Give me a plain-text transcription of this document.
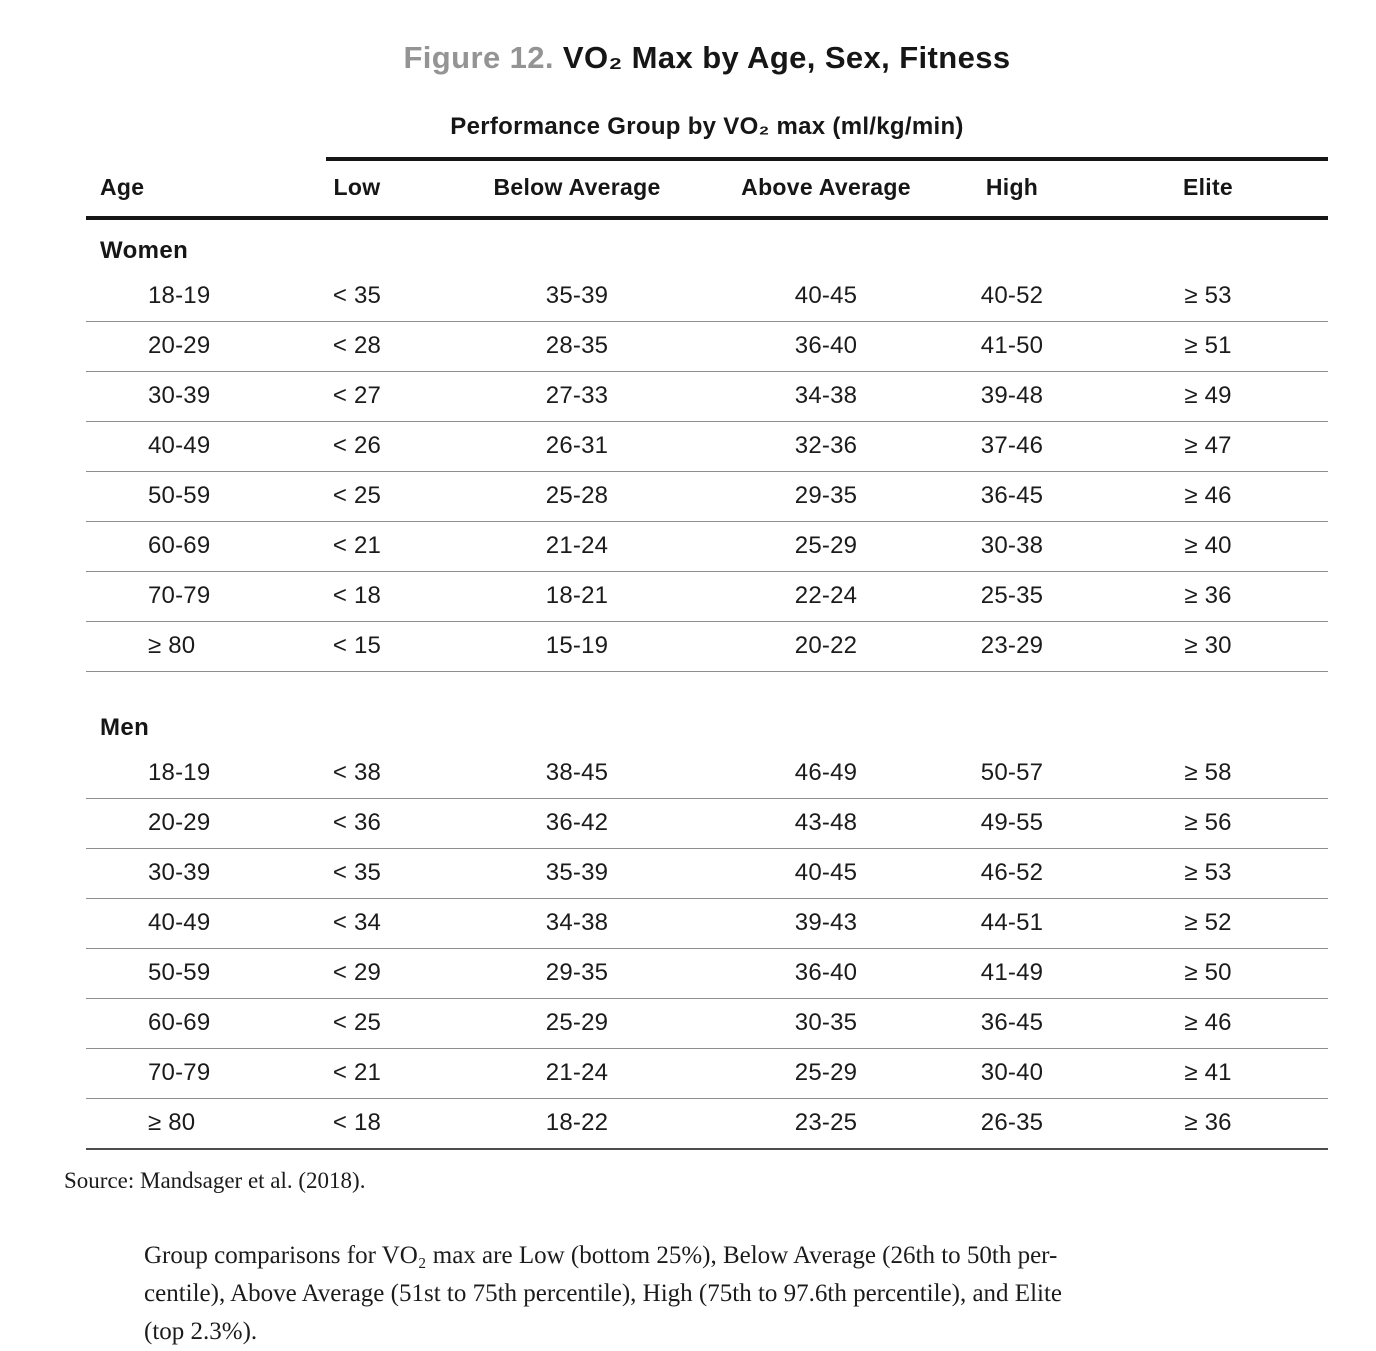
Figure 12. VO₂ Max by Age, Sex, Fitness
Performance Group by VO₂ max (ml/kg/min)
Age	Low	Below Average	Above Average	High	Elite
Women					
18-19	< 35	35-39	40-45	40-52	≥ 53
20-29	< 28	28-35	36-40	41-50	≥ 51
30-39	< 27	27-33	34-38	39-48	≥ 49
40-49	< 26	26-31	32-36	37-46	≥ 47
50-59	< 25	25-28	29-35	36-45	≥ 46
60-69	< 21	21-24	25-29	30-38	≥ 40
70-79	< 18	18-21	22-24	25-35	≥ 36
≥ 80	< 15	15-19	20-22	23-29	≥ 30
Men					
18-19	< 38	38-45	46-49	50-57	≥ 58
20-29	< 36	36-42	43-48	49-55	≥ 56
30-39	< 35	35-39	40-45	46-52	≥ 53
40-49	< 34	34-38	39-43	44-51	≥ 52
50-59	< 29	29-35	36-40	41-49	≥ 50
60-69	< 25	25-29	30-35	36-45	≥ 46
70-79	< 21	21-24	25-29	30-40	≥ 41
≥ 80	< 18	18-22	23-25	26-35	≥ 36
Source: Mandsager et al. (2018).
Group comparisons for VO₂ max are Low (bottom 25%), Below Average (26th to 50th per-
centile), Above Average (51st to 75th percentile), High (75th to 97.6th percentile), and Elite
(top 2.3%).
